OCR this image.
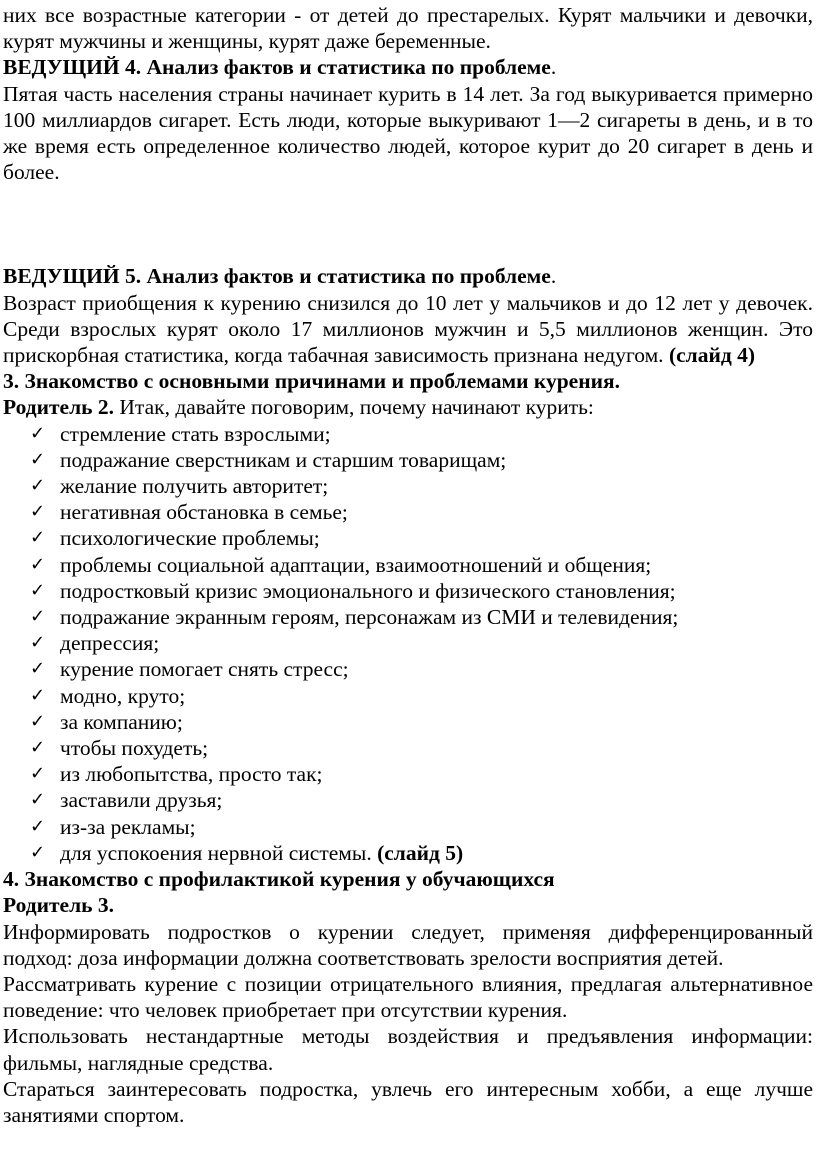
них все возрастные категории - от детей до престарелых. Курят мальчики и девочки, курят мужчины и женщины, курят даже беременные.

ВЕДУЩИЙ 4. Анализ фактов и статистика по проблеме.

Пятая часть населения страны начинает курить в 14 лет. За год выкуривается примерно 100 миллиардов сигарет. Есть люди, которые выкуривают 1—2 сигареты в день, и в то же время есть определенное количество людей, которое курит до 20 сигарет в день и более.

ВЕДУЩИЙ 5. Анализ фактов и статистика по проблеме.

Возраст приобщения к курению снизился до 10 лет у мальчиков и до 12 лет у девочек. Среди взрослых курят около 17 миллионов мужчин и 5,5 миллионов женщин. Это прискорбная статистика, когда табачная зависимость признана недугом. (слайд 4)

3. Знакомство с основными причинами и проблемами курения.

Родитель 2. Итак, давайте поговорим, почему начинают курить:

✓ стремление стать взрослыми;
✓ подражание сверстникам и старшим товарищам;
✓ желание получить авторитет;
✓ негативная обстановка в семье;
✓ психологические проблемы;
✓ проблемы социальной адаптации, взаимоотношений и общения;
✓ подростковый кризис эмоционального и физического становления;
✓ подражание экранным героям, персонажам из СМИ и телевидения;
✓ депрессия;
✓ курение помогает снять стресс;
✓ модно, круто;
✓ за компанию;
✓ чтобы похудеть;
✓ из любопытства, просто так;
✓ заставили друзья;
✓ из-за рекламы;
✓ для успокоения нервной системы. (слайд 5)

4. Знакомство с профилактикой курения у обучающихся

Родитель 3.

Информировать подростков о курении следует, применяя дифференцированный подход: доза информации должна соответствовать зрелости восприятия детей.

Рассматривать курение с позиции отрицательного влияния, предлагая альтернативное поведение: что человек приобретает при отсутствии курения.

Использовать нестандартные методы воздействия и предъявления информации: фильмы, наглядные средства.

Стараться заинтересовать подростка, увлечь его интересным хобби, а еще лучше занятиями спортом.
